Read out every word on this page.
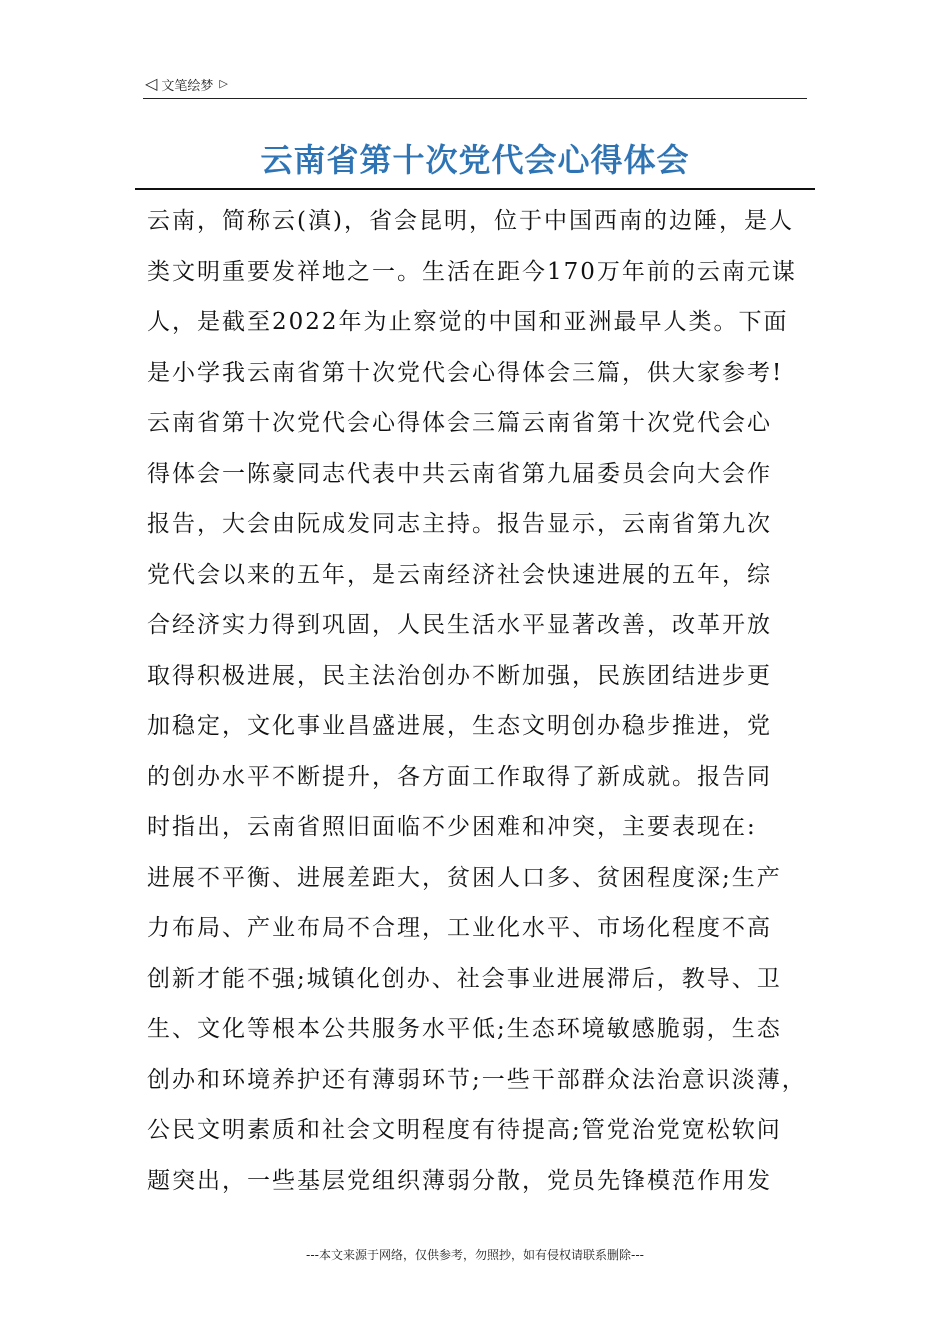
◁ 文笔绘梦 ▷
云南省第十次党代会心得体会
云南，简称云(滇)，省会昆明，位于中国西南的边陲，是人
类文明重要发祥地之一。生活在距今170万年前的云南元谋
人，是截至2022年为止察觉的中国和亚洲最早人类。下面
是小学我云南省第十次党代会心得体会三篇，供大家参考!
云南省第十次党代会心得体会三篇云南省第十次党代会心
得体会一陈豪同志代表中共云南省第九届委员会向大会作
报告，大会由阮成发同志主持。报告显示，云南省第九次
党代会以来的五年，是云南经济社会快速进展的五年，综
合经济实力得到巩固，人民生活水平显著改善，改革开放
取得积极进展，民主法治创办不断加强，民族团结进步更
加稳定，文化事业昌盛进展，生态文明创办稳步推进，党
的创办水平不断提升，各方面工作取得了新成就。报告同
时指出，云南省照旧面临不少困难和冲突，主要表现在:
进展不平衡、进展差距大，贫困人口多、贫困程度深;生产
力布局、产业布局不合理，工业化水平、市场化程度不高
创新才能不强;城镇化创办、社会事业进展滞后，教导、卫
生、文化等根本公共服务水平低;生态环境敏感脆弱，生态
创办和环境养护还有薄弱环节;一些干部群众法治意识淡薄，
公民文明素质和社会文明程度有待提高;管党治党宽松软问
题突出，一些基层党组织薄弱分散，党员先锋模范作用发
---本文来源于网络，仅供参考，勿照抄，如有侵权请联系删除---
